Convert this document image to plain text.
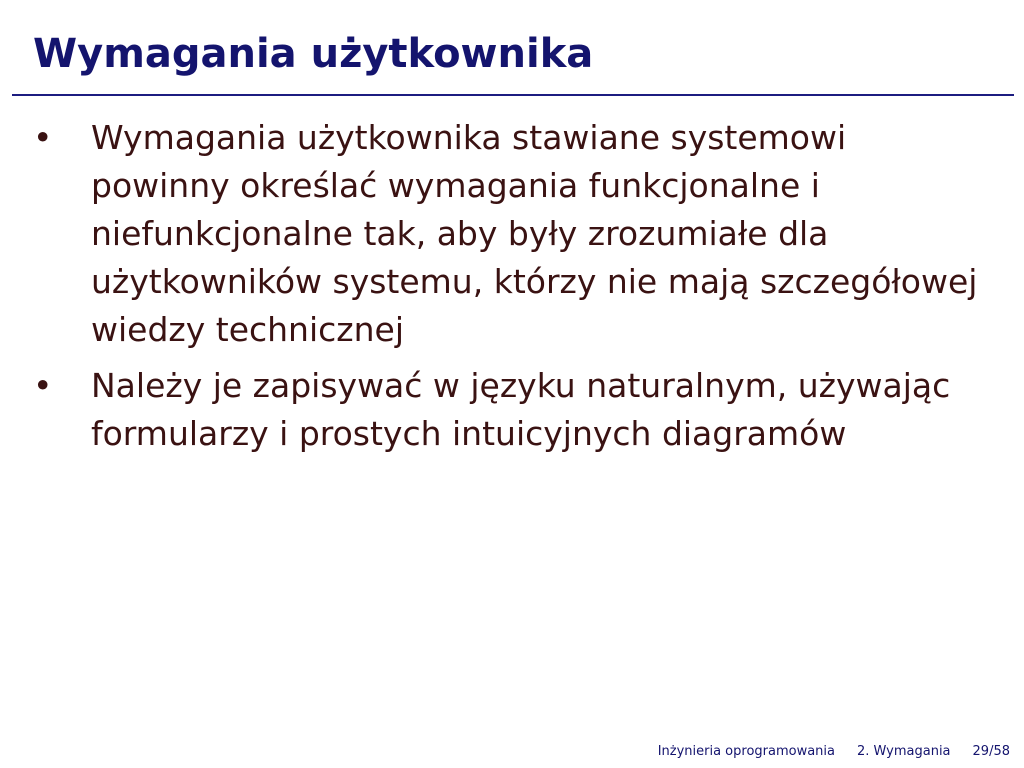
Wymagania użytkownika
• Wymagania użytkownika stawiane systemowi powinny określać wymagania funkcjonalne i niefunkcjonalne tak, aby były zrozumiałe dla użytkowników systemu, którzy nie mają szczegółowej wiedzy technicznej
• Należy je zapisywać w języku naturalnym, używając formularzy i prostych intuicyjnych diagramów
Inżynieria oprogramowania 2. Wymagania 29/58
